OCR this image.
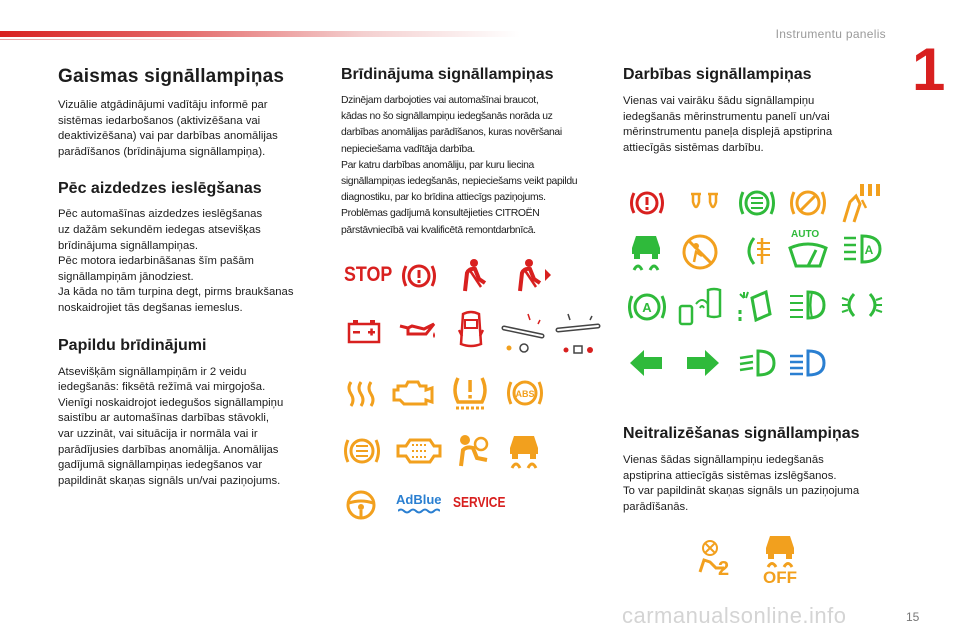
Instrumentu panelis
1
Gaismas signāllampiņas

Vizuālie atgādinājumi vadītāju informē par
sistēmas iedarbošanos (aktivizēšana vai
deaktivizēšana) vai par darbības anomālijas
parādīšanos (brīdinājuma signāllampiņa).

Pēc aizdedzes ieslēgšanas

Pēc automašīnas aizdedzes ieslēgšanas
uz dažām sekundēm iedegas atsevišķas
brīdinājuma signāllampiņas.
Pēc motora iedarbināšanas šīm pašām
signāllampiņām jānodziest.
Ja kāda no tām turpina degt, pirms braukšanas
noskaidrojiet tās degšanas iemeslus.

Papildu brīdinājumi

Atsevišķām signāllampiņām ir 2 veidu
iedegšanās: fiksētā režīmā vai mirgojoša.
Vienīgi noskaidrojot iedegušos signāllampiņu
saistību ar automašīnas darbības stāvokli,
var uzzināt, vai situācija ir normāla vai ir
parādījusies darbības anomālija. Anomālijas
gadījumā signāllampiņas iedegšanos var
papildināt skaņas signāls un/vai paziņojums.

Brīdinājuma signāllampiņas

Dzinējam darbojoties vai automašīnai braucot,
kādas no šo signāllampiņu iedegšanās norāda uz
darbības anomālijas parādīšanos, kuras novēršanai
nepieciešama vadītāja darbība.
Par katru darbības anomāliju, par kuru liecina
signāllampiņas iedegšanās, nepieciešams veikt papildu
diagnostiku, par ko brīdina attiecīgs paziņojums.
Problēmas gadījumā konsultējieties CITROËN
pārstāvniecībā vai kvalificētā remontdarbnīcā.

STOP
ABS
AdBlue SERVICE
Darbības signāllampiņas

Vienas vai vairāku šādu signāllampiņu
iedegšanās mērinstrumentu panelī un/vai
mērinstrumentu paneļa displejā apstiprina
attiecīgās sistēmas darbību.

AUTO
A
A
Neitralizēšanas signāllampiņas

Vienas šādas signāllampiņu iedegšanās
apstiprina attiecīgās sistēmas izslēgšanos.
To var papildināt skaņas signāls un paziņojuma
parādīšanās.

2 OFF
carmanualsonline.info	15
